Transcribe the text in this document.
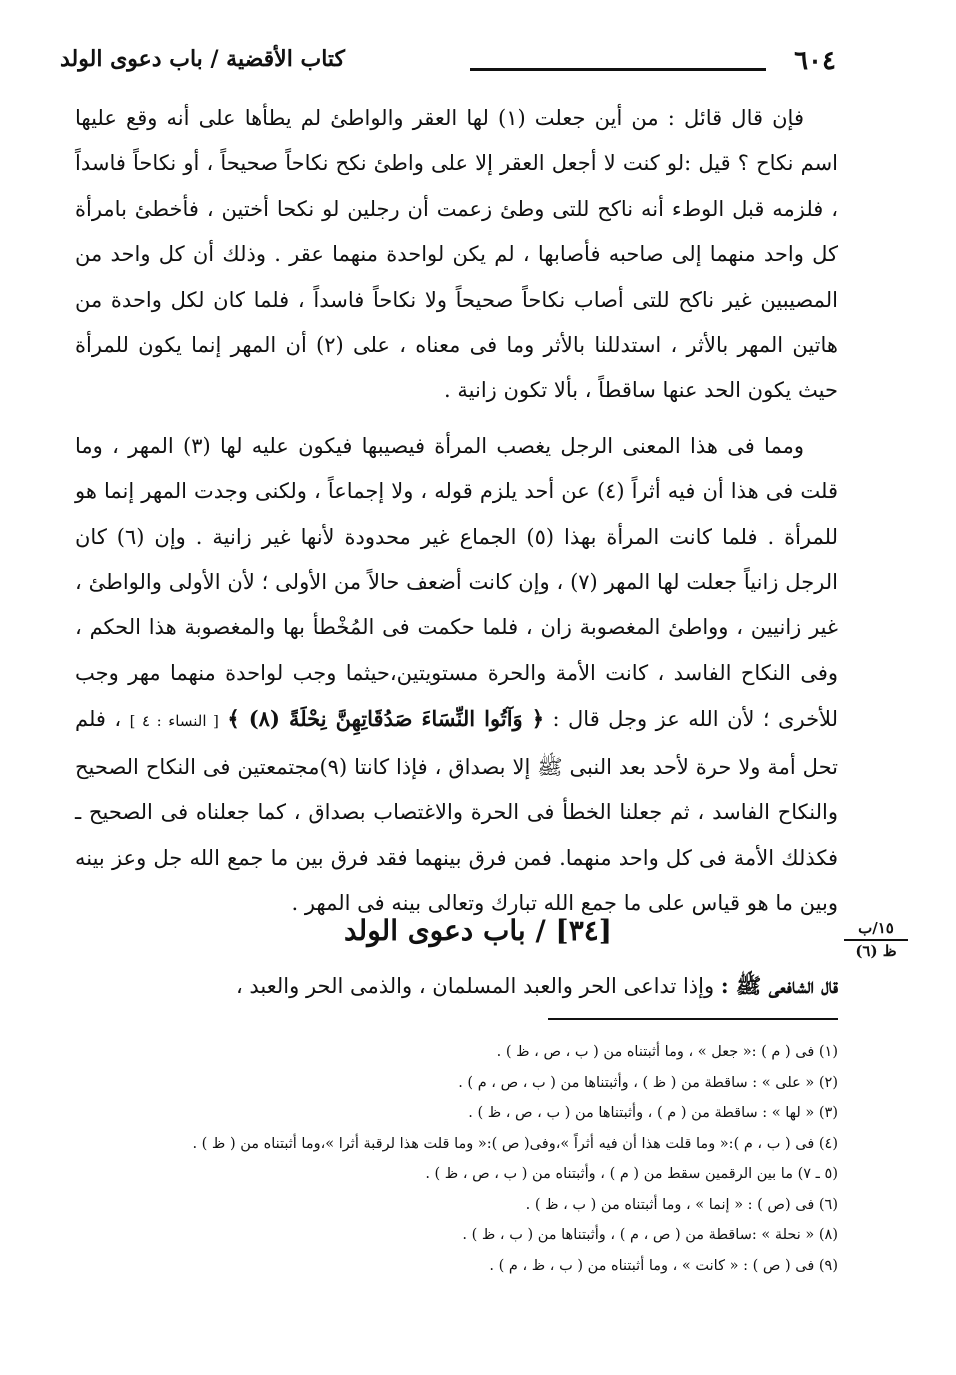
٦٠٤
كتاب الأقضية / باب دعوى الولد

فإن قال قائل : من أين جعلت (١) لها العقر والواطئ لم يطأها على أنه وقع عليها اسم نكاح ؟ قيل :لو كنت لا أجعل العقر إلا على واطئ نكح نكاحاً صحيحاً ، أو نكاحاً فاسداً ، فلزمه قبل الوطء أنه ناكح للتى وطئ زعمت أن رجلين لو نكحا أختين ، فأخطئ بامرأة كل واحد منهما إلى صاحبه فأصابها ، لم يكن لواحدة منهما عقر . وذلك أن كل واحد من المصيبين غير ناكح للتى أصاب نكاحاً صحيحاً ولا نكاحاً فاسداً ، فلما كان لكل واحدة من هاتين المهر بالأثر ، استدللنا بالأثر وما فى معناه ، على (٢) أن المهر إنما يكون للمرأة حيث يكون الحد عنها ساقطاً ، بألا تكون زانية .

ومما فى هذا المعنى الرجل يغصب المرأة فيصيبها فيكون عليه لها (٣) المهر ، وما قلت فى هذا أن فيه أثراً (٤) عن أحد يلزم قوله ، ولا إجماعاً ، ولكنى وجدت المهر إنما هو للمرأة . فلما كانت المرأة بهذا (٥) الجماع غير محدودة لأنها غير زانية . وإن (٦) كان الرجل زانياً جعلت لها المهر (٧) ، وإن كانت أضعف حالاً من الأولى ؛ لأن الأولى والواطئ ، غير زانيين ، وواطئ المغصوبة زان ، فلما حكمت فى المُخْطأ بها والمغصوبة هذا الحكم ، وفى النكاح الفاسد ، كانت الأمة والحرة مستويتين،حيثما وجب لواحدة منهما مهر وجب للأخرى ؛ لأن الله عز وجل قال : ﴿ وَآتُوا النِّسَاءَ صَدُقَاتِهِنَّ نِحْلَةً (٨) ﴾ [ النساء : ٤ ] ، فلم تحل أمة ولا حرة لأحد بعد النبى ﷺ إلا بصداق ، فإذا كانتا (٩)مجتمعتين فى النكاح الصحيح والنكاح الفاسد ، ثم جعلنا الخطأ فى الحرة والاغتصاب بصداق ، كما جعلناه فى الصحيح ـ فكذلك الأمة فى كل واحد منهما. فمن فرق بينهما فقد فرق بين ما جمع الله جل وعز بينه وبين ما هو قياس على ما جمع الله تبارك وتعالى بينه فى المهر .

١٥/ب
ظ (٦)
[٣٤] / باب دعوى الولد
قال الشافعى ﷺ : وإذا تداعى الحر والعبد المسلمان ، والذمى الحر والعبد ،

(١) فى ( م ) :« جعل » ، وما أثبتناه من ( ب ، ص ، ظ ) .

(٢) « على » : ساقطة من ( ظ ) ، وأثبتناها من ( ب ، ص ، م ) .

(٣) « لها » : ساقطة من ( م ) ، وأثبتناها من ( ب ، ص ، ظ ) .

(٤) فى ( ب ، م ):« وما قلت هذا أن فيه أثراً »،وفى( ص ):« وما قلت هذا لرقبة أثرا »،وما أثبتناه من ( ظ ) .

(٥ ـ ٧) ما بين الرقمين سقط من ( م ) ، وأثبتناه من ( ب ، ص ، ظ ) .

(٦) فى (ص ) : « إنما » ، وما أثبتناه من ( ب ، ظ ) .

(٨) « نحلة » :ساقطة من ( ص ، م ) ، وأثبتناها من ( ب ، ظ ) .

(٩) فى ( ص ) : « كانت » ، وما أثبتناه من ( ب ، ظ ، م ) .
